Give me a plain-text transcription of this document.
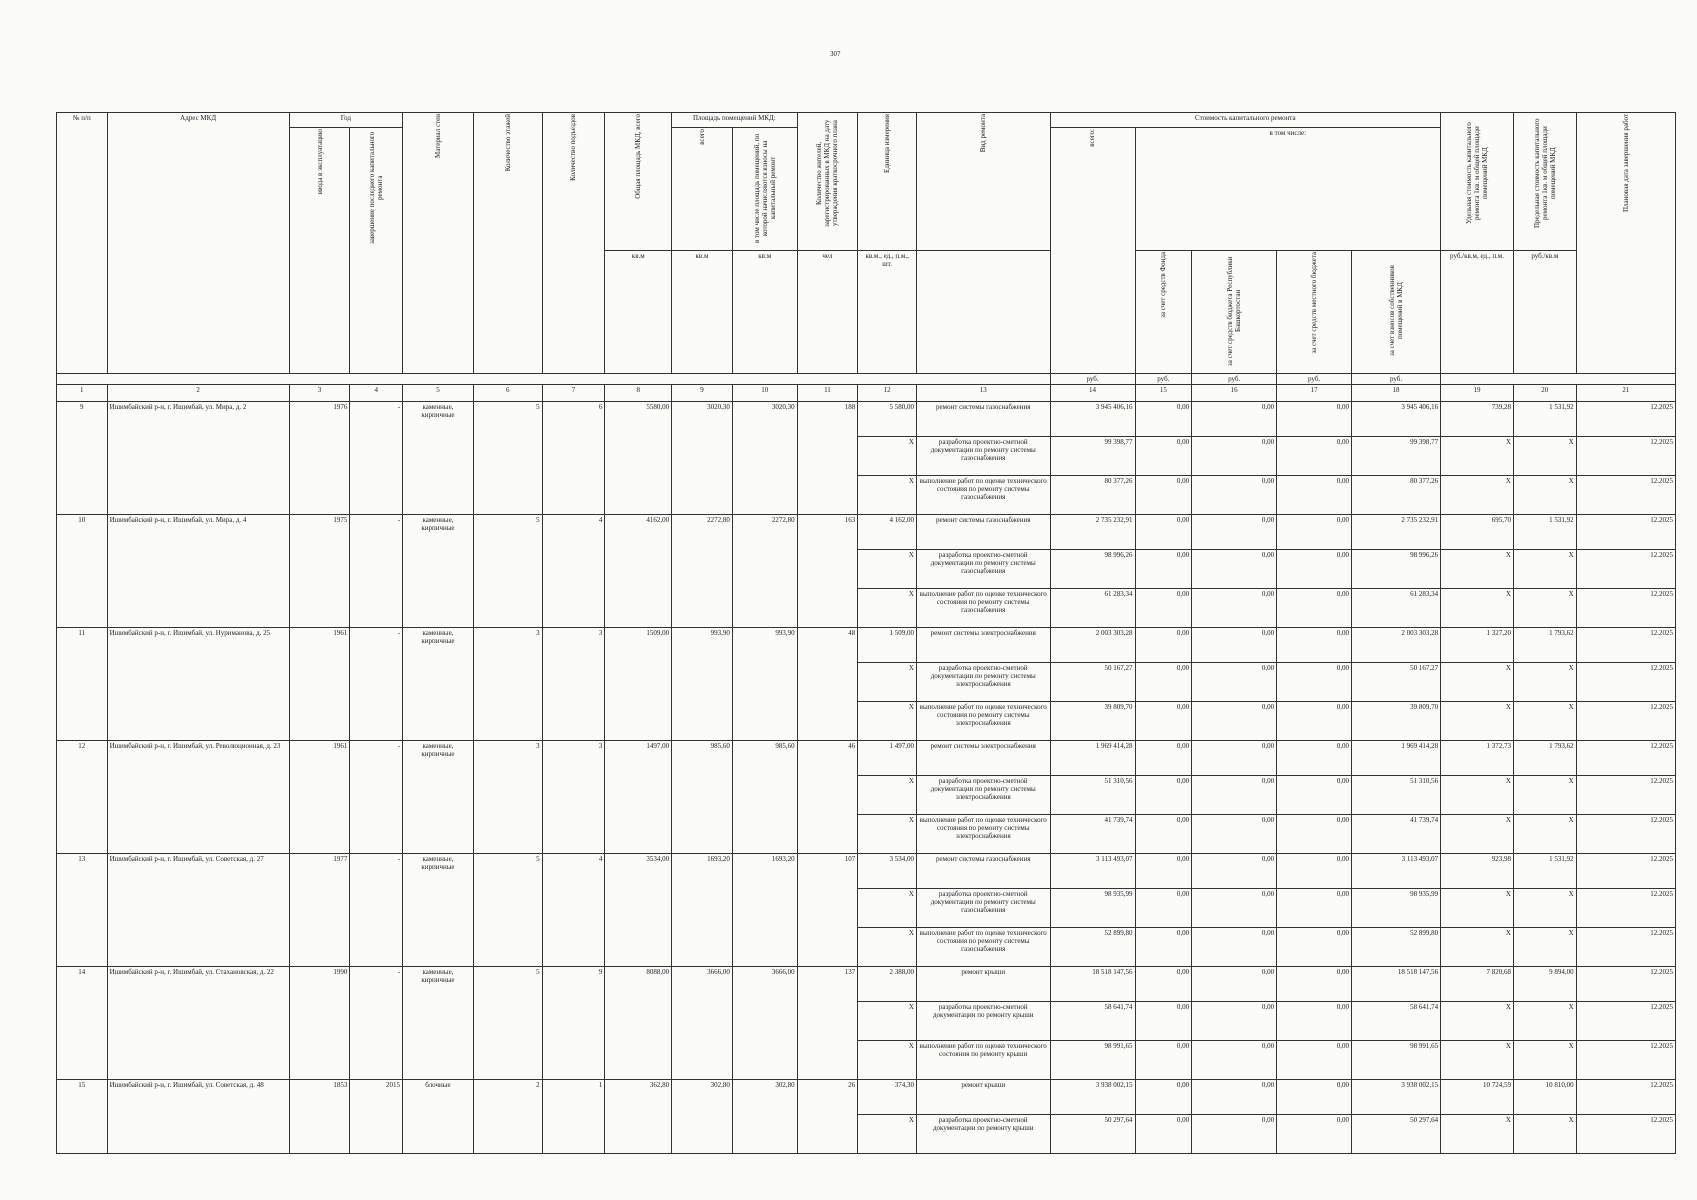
307
№ п/п	Адрес МКД	Год		Материал стен	Количество этажей	Количество подъездов	Общая площадь МКД, всего	Площадь помещений МКД:		Количество жителей, зарегистрированных в МКД на дату утверждения краткосрочного плана	Единица измерения	Вид ремонта	Стоимость капитального ремонта					Удельная стоимость капитального ремонта 1кв. м общей площади помещений МКД	Предельная стоимость капитального ремонта 1кв. м общей площади помещений МКД	Плановая дата завершения работ
		ввода в эксплуатацию	завершение последнего капитального ремонта					всего	в том числе площадь помещений, по которой начисляются взносы на капитальный ремонт				всего:	в том числе:						
							кв.м	кв.м	кв.м	чел	кв.м., ед., п.м., шт.			за счет средств Фонда	за счет средств бюджета Республики Башкортостан	за счет средств местного бюджета	за счет взносов собственников помещений в МКД	руб./кв.м, ед., п.м.	руб./кв.м	
													руб.	руб.	руб.	руб.	руб.			
1	2	3	4	5	6	7	8	9	10	11	12	13	14	15	16	17	18	19	20	21
9	Ишимбайский р-н, г. Ишимбай, ул. Мира, д. 2	1976	-	каменные, кирпичные	5	6	5580,00	3020,30	3020,30	188	5 580,00	ремонт системы газоснабжения	3 945 406,16	0,00	0,00	0,00	3 945 406,16	739,28	1 531,92	12.2025
											X	разработка проектно-сметной документации по ремонту системы газоснабжения	99 398,77	0,00	0,00	0,00	99 398,77	X	X	12.2025
											X	выполнение работ по оценке технического состояния по ремонту системы газоснабжения	80 377,26	0,00	0,00	0,00	80 377,26	X	X	12.2025
10	Ишимбайский р-н, г. Ишимбай, ул. Мира, д. 4	1975	-	каменные, кирпичные	5	4	4162,00	2272,80	2272,80	163	4 162,00	ремонт системы газоснабжения	2 735 232,91	0,00	0,00	0,00	2 735 232,91	695,70	1 531,92	12.2025
											X	разработка проектно-сметной документации по ремонту системы газоснабжения	98 996,26	0,00	0,00	0,00	98 996,26	X	X	12.2025
											X	выполнение работ по оценке технического состояния по ремонту системы газоснабжения	61 283,34	0,00	0,00	0,00	61 283,34	X	X	12.2025
11	Ишимбайский р-н, г. Ишимбай, ул. Нуриманова, д. 25	1961	-	каменные, кирпичные	3	3	1509,00	993,90	993,90	48	1 509,00	ремонт системы электроснабжения	2 003 303,28	0,00	0,00	0,00	2 003 303,28	1 327,20	1 793,62	12.2025
											X	разработка проектно-сметной документации по ремонту системы электроснабжения	50 167,27	0,00	0,00	0,00	50 167,27	X	X	12.2025
											X	выполнение работ по оценке технического состояния по ремонту системы электроснабжения	39 809,70	0,00	0,00	0,00	39 809,70	X	X	12.2025
12	Ишимбайский р-н, г. Ишимбай, ул. Революционная, д. 23	1961	-	каменные, кирпичные	3	3	1497,00	985,60	985,60	46	1 497,00	ремонт системы электроснабжения	1 969 414,28	0,00	0,00	0,00	1 969 414,28	1 372,73	1 793,62	12.2025
											X	разработка проектно-сметной документации по ремонту системы электроснабжения	51 310,56	0,00	0,00	0,00	51 310,56	X	X	12.2025
											X	выполнение работ по оценке технического состояния по ремонту системы электроснабжения	41 739,74	0,00	0,00	0,00	41 739,74	X	X	12.2025
13	Ишимбайский р-н, г. Ишимбай, ул. Советская, д. 27	1977	-	каменные, кирпичные	5	4	3534,00	1693,20	1693,20	107	3 534,00	ремонт системы газоснабжения	3 113 493,07	0,00	0,00	0,00	3 113 493,07	923,98	1 531,92	12.2025
											X	разработка проектно-сметной документации по ремонту системы газоснабжения	98 935,99	0,00	0,00	0,00	98 935,99	X	X	12.2025
											X	выполнение работ по оценке технического состояния по ремонту системы газоснабжения	52 899,80	0,00	0,00	0,00	52 899,80	X	X	12.2025
14	Ишимбайский р-н, г. Ишимбай, ул. Стахановская, д. 22	1990	-	каменные, кирпичные	5	9	8088,00	3666,00	3666,00	137	2 388,00	ремонт крыши	18 518 147,56	0,00	0,00	0,00	18 518 147,56	7 820,68	9 894,00	12.2025
											X	разработка проектно-сметной документации по ремонту крыши	58 641,74	0,00	0,00	0,00	58 641,74	X	X	12.2025
											X	выполнение работ по оценке технического состояния по ремонту крыши	98 991,65	0,00	0,00	0,00	98 991,65	X	X	12.2025
15	Ишимбайский р-н, г. Ишимбай, ул. Советская, д. 48	1853	2015	блочные	2	1	362,80	302,80	302,80	26	374,30	ремонт крыши	3 938 002,15	0,00	0,00	0,00	3 938 002,15	10 724,59	10 810,00	12.2025
											X	разработка проектно-сметной документации по ремонту крыши	50 297,64	0,00	0,00	0,00	50 297,64	X	X	12.2025
